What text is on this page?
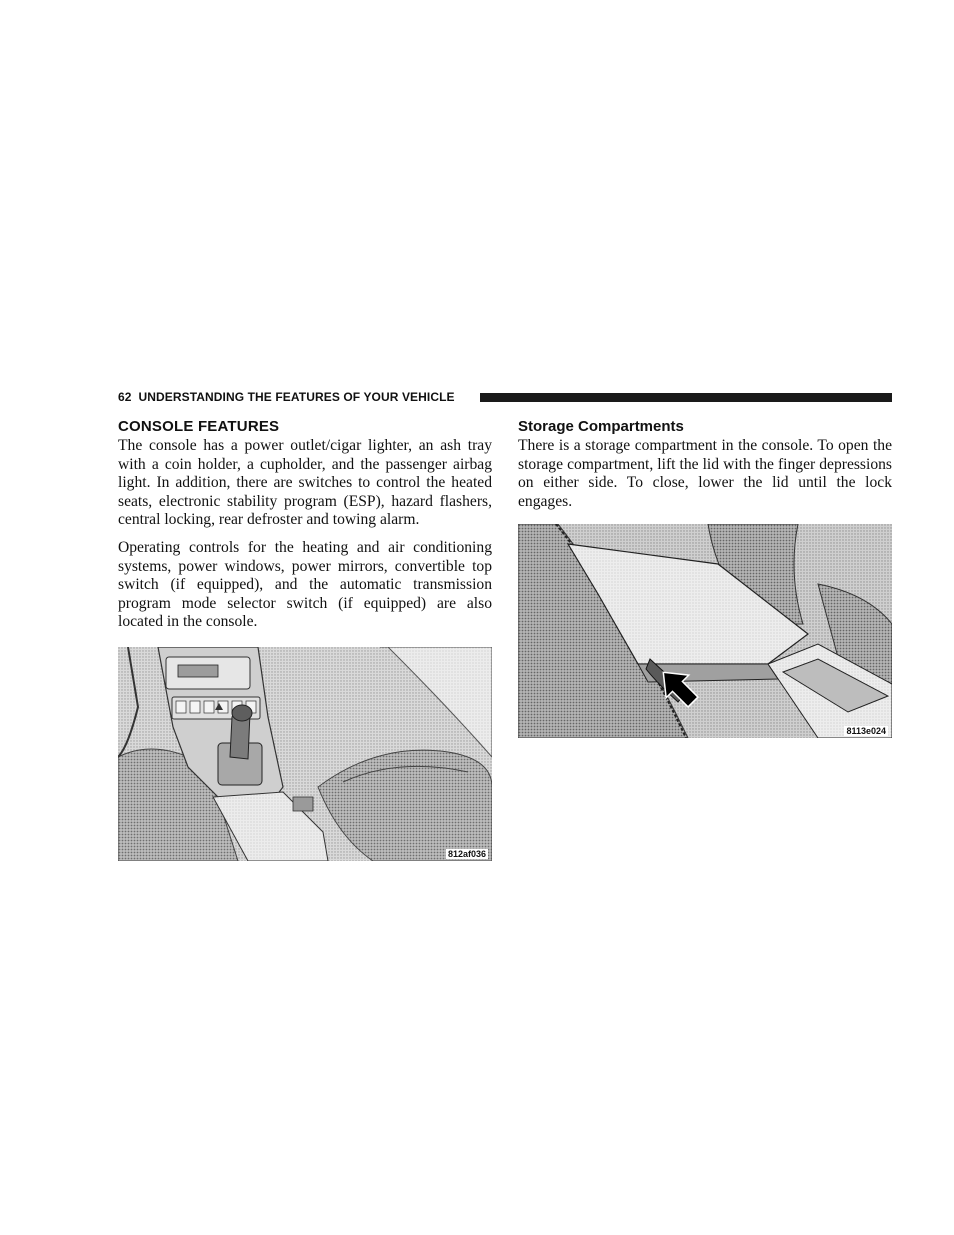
62 UNDERSTANDING THE FEATURES OF YOUR VEHICLE
CONSOLE FEATURES

The console has a power outlet/cigar lighter, an ash tray with a coin holder, a cupholder, and the passenger airbag light. In addition, there are switches to control the heated seats, electronic stability program (ESP), hazard flashers, central locking, rear defroster and towing alarm.

Operating controls for the heating and air conditioning systems, power windows, power mirrors, convertible top switch (if equipped), and the automatic transmission program mode selector switch (if equipped) are also located in the console.

812af036
Storage Compartments

There is a storage compartment in the console. To open the storage compartment, lift the lid with the finger depressions on either side. To close, lower the lid until the lock engages.

8113e024
